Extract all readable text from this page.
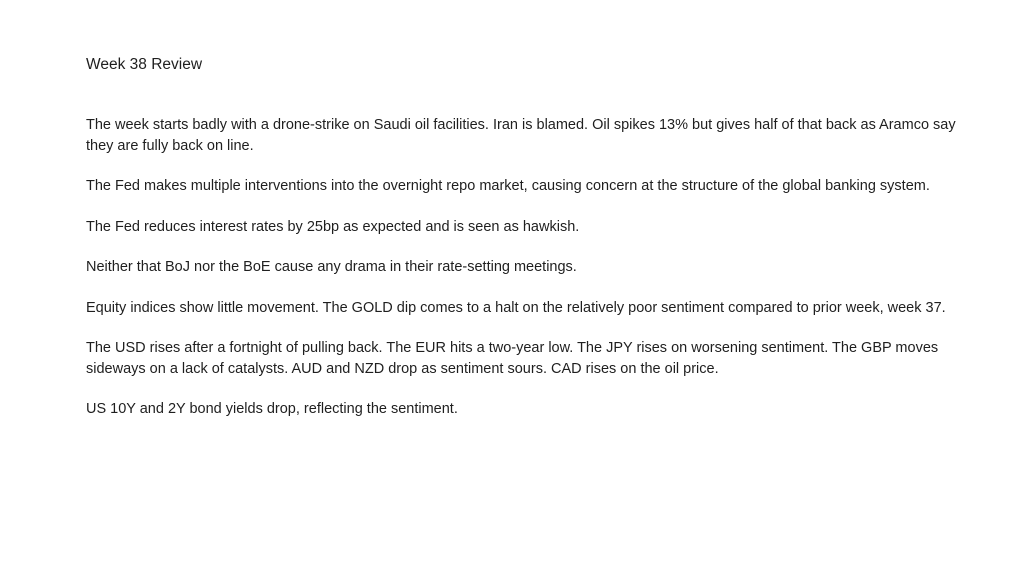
Week 38 Review

The week starts badly with a drone-strike on Saudi oil facilities. Iran is blamed. Oil spikes 13% but gives half of that back as Aramco say they are fully back on line.

The Fed makes multiple interventions into the overnight repo market, causing concern at the structure of the global banking system.

The Fed reduces interest rates by 25bp as expected and is seen as hawkish.

Neither that BoJ nor the BoE cause any drama in their rate-setting meetings.

Equity indices show little movement. The GOLD dip comes to a halt on the relatively poor sentiment compared to prior week, week 37.

The USD rises after a fortnight of pulling back. The EUR hits a two-year low. The JPY rises on worsening sentiment. The GBP moves sideways on a lack of catalysts. AUD and NZD drop as sentiment sours. CAD rises on the oil price.

US 10Y and 2Y bond yields drop, reflecting the sentiment.
